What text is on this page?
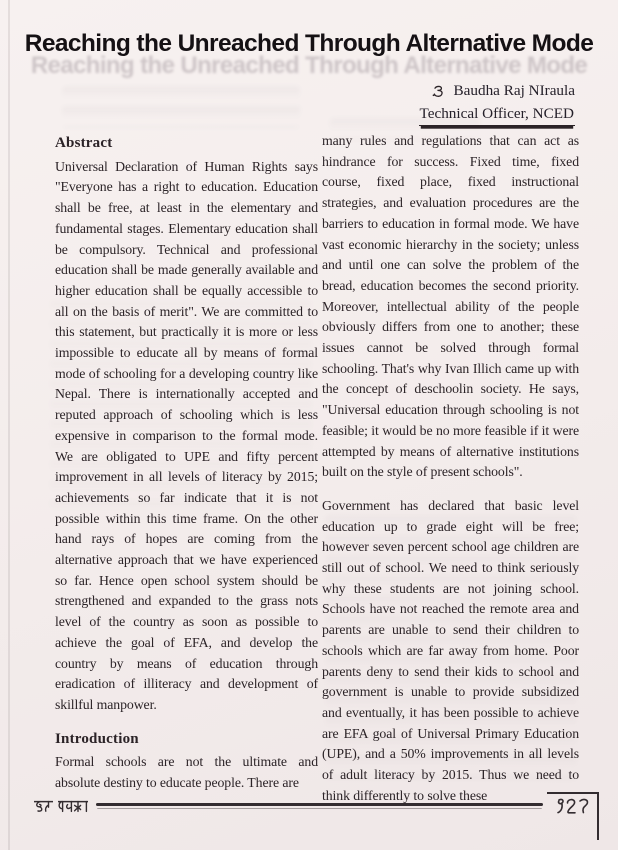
Reaching the Unreached Through Alternative Mode
Reaching the Unreached Through Alternative Mode
Baudha Raj NIraula
Technical Officer, NCED
Abstract

Universal Declaration of Human Rights says "Everyone has a right to education. Education shall be free, at least in the elementary and fundamental stages. Elementary education shall be compulsory. Technical and professional education shall be made generally available and higher education shall be equally accessible to all on the basis of merit". We are committed to this statement, but practically it is more or less impossible to educate all by means of formal mode of schooling for a developing country like Nepal. There is internationally accepted and reputed approach of schooling which is less expensive in comparison to the formal mode. We are obligated to UPE and fifty percent improvement in all levels of literacy by 2015; achievements so far indicate that it is not possible within this time frame. On the other hand rays of hopes are coming from the alternative approach that we have experienced so far. Hence open school system should be strengthened and expanded to the grass nots level of the country as soon as possible to achieve the goal of EFA, and develop the country by means of education through eradication of illiteracy and development of skillful manpower.

Introduction

Formal schools are not the ultimate and absolute destiny to educate people. There are

many rules and regulations that can act as hindrance for success. Fixed time, fixed course, fixed place, fixed instructional strategies, and evaluation procedures are the barriers to education in formal mode. We have vast economic hierarchy in the society; unless and until one can solve the problem of the bread, education becomes the second priority. Moreover, intellectual ability of the people obviously differs from one to another; these issues cannot be solved through formal schooling. That's why Ivan Illich came up with the concept of deschoolin society. He says, "Universal education through schooling is not feasible; it would be no more feasible if it were attempted by means of alternative institutions built on the style of present schools".

Government has declared that basic level education up to grade eight will be free; however seven percent school age children are still out of school. We need to think seriously why these students are not joining school. Schools have not reached the remote area and parents are unable to send their children to schools which are far away from home. Poor parents deny to send their kids to school and government is unable to provide subsidized and eventually, it has been possible to achieve are EFA goal of Universal Primary Education (UPE), and a 50% improvements in all levels of adult literacy by 2015. Thus we need to think differently to solve these
